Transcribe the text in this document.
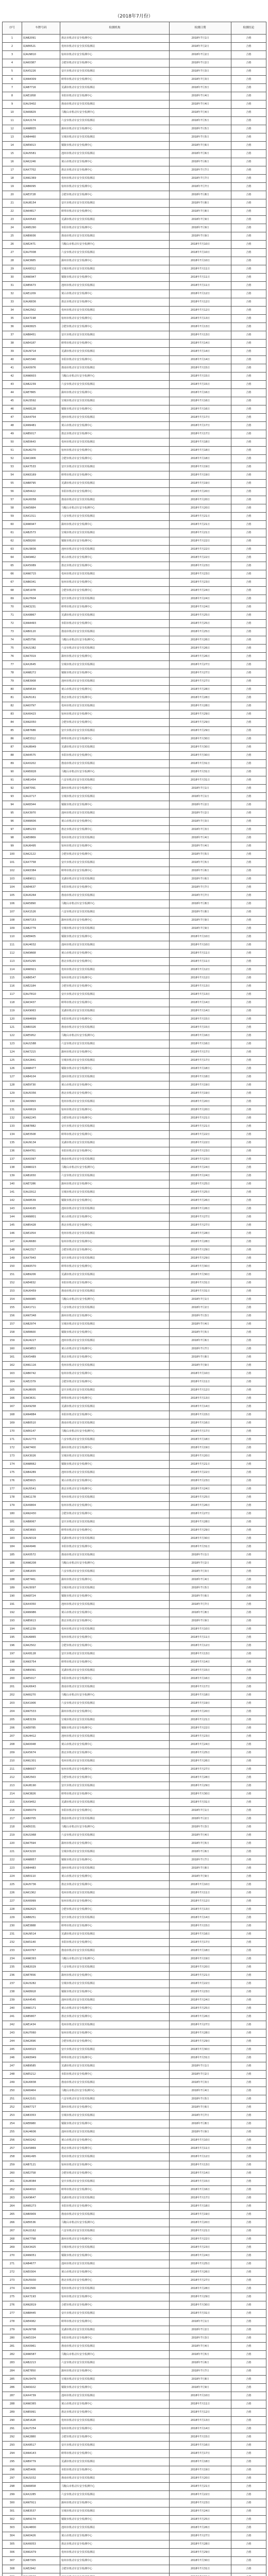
（2018年7月份）
序号	车牌号码	检测机构	检测日期	检测结论
1	皖AB2091	淮北市机动车安全检测中心	2018年7月1日	合格
2	皖AE6521	亳州市机动车安全技术检测站	2018年7月2日	合格
3	皖AU9810	宿州市机动车安全检测中心	2018年7月2日	合格
4	皖AK0387	合肥市机动车安全检测中心	2018年7月2日	合格
5	皖AX5226	安庆市机动车安全技术检测站	2018年7月3日	合格
6	皖AN4309	蚌埠市机动车安全检测中心	2018年7月3日	合格
7	皖AB7716	芜湖市机动车安全技术检测站	2018年7月3日	合格
8	皖AE1958	阜阳市机动车安全检测中心	2018年7月4日	合格
9	皖AU3402	淮南市机动车安全技术检测站	2018年7月4日	合格
10	皖AK6829	马鞍山市机动车安全检测中心	2018年7月4日	合格
11	皖AX2174	六安市机动车安全技术检测站	2018年7月5日	合格
12	皖AN8835	滁州市机动车安全检测中心	2018年7月5日	合格
13	皖AB4460	宣城市机动车安全技术检测站	2018年7月5日	合格
14	皖AE9013	铜陵市机动车安全检测中心	2018年7月6日	合格
15	皖AU5581	池州市机动车安全技术检测站	2018年7月6日	合格
16	皖AK2246	黄山市机动车安全检测中心	2018年7月6日	合格
17	皖AX7702	淮北市机动车安全检测中心	2018年7月7日	合格
18	皖AN1369	亳州市机动车安全技术检测站	2018年7月7日	合格
19	皖AB6095	宿州市机动车安全检测中心	2018年7月7日	合格
20	皖AE3728	合肥市机动车安全检测中心	2018年7月8日	合格
21	皖AU8154	安庆市机动车安全技术检测站	2018年7月8日	合格
22	皖AK4817	蚌埠市机动车安全检测中心	2018年7月8日	合格
23	皖AX0543	芜湖市机动车安全技术检测站	2018年7月9日	合格
24	皖AN5290	阜阳市机动车安全检测中心	2018年7月9日	合格
25	皖AB9936	淮南市机动车安全技术检测站	2018年7月9日	合格
26	皖AE2471	马鞍山市机动车安全检测中心	2018年7月10日	合格
27	皖AU7008	六安市机动车安全技术检测站	2018年7月10日	合格
28	皖AK3685	滁州市机动车安全检测中心	2018年7月10日	合格
29	皖AX8312	宣城市机动车安全技术检测站	2018年7月11日	合格
30	皖AN0947	铜陵市机动车安全检测中心	2018年7月11日	合格
31	皖AB5673	池州市机动车安全技术检测站	2018年7月11日	合格
32	皖AE1209	黄山市机动车安全检测中心	2018年7月12日	合格
33	皖AU6836	淮北市机动车安全检测中心	2018年7月12日	合格
34	皖AK2562	亳州市机动车安全技术检测站	2018年7月12日	合格
35	皖AX7198	宿州市机动车安全检测中心	2018年7月13日	合格
36	皖AN3825	合肥市机动车安全检测中心	2018年7月13日	合格
37	皖AB8451	安庆市机动车安全技术检测站	2018年7月13日	合格
38	皖AE4187	蚌埠市机动车安全检测中心	2018年7月14日	合格
39	皖AU9714	芜湖市机动车安全技术检测站	2018年7月14日	合格
40	皖AK5340	阜阳市机动车安全检测中心	2018年7月14日	合格
41	皖AX0976	淮南市机动车安全技术检测站	2018年7月15日	合格
42	皖AN6603	马鞍山市机动车安全检测中心	2018年7月15日	合格
43	皖AB2239	六安市机动车安全技术检测站	2018年7月15日	合格
44	皖AE7865	滁州市机动车安全检测中心	2018年7月16日	合格
45	皖AU3592	宣城市机动车安全技术检测站	2018年7月16日	合格
46	皖AK8128	铜陵市机动车安全检测中心	2018年7月16日	合格
47	皖AX4754	池州市机动车安全技术检测站	2018年7月17日	合格
48	皖AN9481	黄山市机动车安全检测中心	2018年7月17日	合格
49	皖AB5017	淮北市机动车安全检测中心	2018年7月17日	合格
50	皖AE0643	亳州市机动车安全技术检测站	2018年7月18日	合格
51	皖AU6270	宿州市机动车安全检测中心	2018年7月18日	合格
52	皖AK1906	合肥市机动车安全检测中心	2018年7月18日	合格
53	皖AX7533	安庆市机动车安全技术检测站	2018年7月19日	合格
54	皖AN3169	蚌埠市机动车安全检测中心	2018年7月19日	合格
55	皖AB8795	芜湖市机动车安全技术检测站	2018年7月19日	合格
56	皖AE4422	阜阳市机动车安全检测中心	2018年7月20日	合格
57	皖AU0058	淮南市机动车安全技术检测站	2018年7月20日	合格
58	皖AK5684	马鞍山市机动车安全检测中心	2018年7月20日	合格
59	皖AX1311	六安市机动车安全技术检测站	2018年7月21日	合格
60	皖AN6947	滁州市机动车安全检测中心	2018年7月21日	合格
61	皖AB2573	宣城市机动车安全技术检测站	2018年7月21日	合格
62	皖AE8200	铜陵市机动车安全检测中心	2018年7月22日	合格
63	皖AU3836	池州市机动车安全技术检测站	2018年7月22日	合格
64	皖AK9462	黄山市机动车安全检测中心	2018年7月22日	合格
65	皖AX5089	淮北市机动车安全检测中心	2018年7月23日	合格
66	皖AN0715	亳州市机动车安全技术检测站	2018年7月23日	合格
67	皖AB6341	宿州市机动车安全检测中心	2018年7月23日	合格
68	皖AE1978	合肥市机动车安全检测中心	2018年7月24日	合格
69	皖AU7604	安庆市机动车安全技术检测站	2018年7月24日	合格
70	皖AK3231	蚌埠市机动车安全检测中心	2018年7月24日	合格
71	皖AX8867	芜湖市机动车安全技术检测站	2018年7月25日	合格
72	皖AN4493	阜阳市机动车安全检测中心	2018年7月25日	合格
73	皖AB0120	淮南市机动车安全技术检测站	2018年7月25日	合格
74	皖AE5756	马鞍山市机动车安全检测中心	2018年7月26日	合格
75	皖AU1382	六安市机动车安全技术检测站	2018年7月26日	合格
76	皖AK7019	滁州市机动车安全检测中心	2018年7月26日	合格
77	皖AX2645	宣城市机动车安全技术检测站	2018年7月27日	合格
78	皖AN8272	铜陵市机动车安全检测中心	2018年7月27日	合格
79	皖AB3908	池州市机动车安全技术检测站	2018年7月27日	合格
80	皖AE9534	黄山市机动车安全检测中心	2018年7月28日	合格
81	皖AU5161	淮北市机动车安全检测中心	2018年7月28日	合格
82	皖AK0797	亳州市机动车安全技术检测站	2018年7月28日	合格
83	皖AX6423	宿州市机动车安全检测中心	2018年7月29日	合格
84	皖AN2050	合肥市机动车安全检测中心	2018年7月29日	合格
85	皖AB7686	安庆市机动车安全技术检测站	2018年7月29日	合格
86	皖AE3312	蚌埠市机动车安全检测中心	2018年7月30日	合格
87	皖AU8949	芜湖市机动车安全技术检测站	2018年7月30日	合格
88	皖AK4575	阜阳市机动车安全检测中心	2018年7月30日	合格
89	皖AX0202	淮南市机动车安全技术检测站	2018年7月31日	合格
90	皖AN5828	马鞍山市机动车安全检测中心	2018年7月31日	合格
91	皖AB1454	六安市机动车安全技术检测站	2018年7月31日	合格
92	皖AE7091	滁州市机动车安全检测中心	2018年7月1日	合格
93	皖AU2717	宣城市机动车安全技术检测站	2018年7月1日	合格
94	皖AK8344	铜陵市机动车安全检测中心	2018年7月2日	合格
95	皖AX3970	池州市机动车安全技术检测站	2018年7月2日	合格
96	皖AN9606	黄山市机动车安全检测中心	2018年7月3日	合格
97	皖AB5233	淮北市机动车安全检测中心	2018年7月3日	合格
98	皖AE0869	亳州市机动车安全技术检测站	2018年7月4日	合格
99	皖AU6495	宿州市机动车安全检测中心	2018年7月4日	合格
100	皖AK2122	合肥市机动车安全检测中心	2018年7月5日	合格
101	皖AX7758	安庆市机动车安全技术检测站	2018年7月5日	合格
102	皖AN3384	蚌埠市机动车安全检测中心	2018年7月6日	合格
103	皖AB9011	芜湖市机动车安全技术检测站	2018年7月6日	合格
104	皖AE4637	阜阳市机动车安全检测中心	2018年7月7日	合格
105	皖AU0264	淮南市机动车安全技术检测站	2018年7月7日	合格
106	皖AK5890	马鞍山市机动车安全检测中心	2018年7月8日	合格
107	皖AX1526	六安市机动车安全技术检测站	2018年7月8日	合格
108	皖AN7153	滁州市机动车安全检测中心	2018年7月9日	合格
109	皖AB2779	宣城市机动车安全技术检测站	2018年7月9日	合格
110	皖AE8405	铜陵市机动车安全检测中心	2018年7月10日	合格
111	皖AU4032	池州市机动车安全技术检测站	2018年7月10日	合格
112	皖AK9668	黄山市机动车安全检测中心	2018年7月11日	合格
113	皖AX5295	淮北市机动车安全检测中心	2018年7月11日	合格
114	皖AN0921	亳州市机动车安全技术检测站	2018年7月12日	合格
115	皖AB6547	宿州市机动车安全检测中心	2018年7月12日	合格
116	皖AE2184	合肥市机动车安全检测中心	2018年7月13日	合格
117	皖AU7810	安庆市机动车安全技术检测站	2018年7月13日	合格
118	皖AK3437	蚌埠市机动车安全检测中心	2018年7月14日	合格
119	皖AX9063	芜湖市机动车安全技术检测站	2018年7月14日	合格
120	皖AN4699	阜阳市机动车安全检测中心	2018年7月15日	合格
121	皖AB0326	淮南市机动车安全技术检测站	2018年7月15日	合格
122	皖AE5952	马鞍山市机动车安全检测中心	2018年7月16日	合格
123	皖AU1588	六安市机动车安全技术检测站	2018年7月16日	合格
124	皖AK7215	滁州市机动车安全检测中心	2018年7月17日	合格
125	皖AX2841	宣城市机动车安全技术检测站	2018年7月17日	合格
126	皖AN8477	铜陵市机动车安全检测中心	2018年7月18日	合格
127	皖AB4104	池州市机动车安全技术检测站	2018年7月18日	合格
128	皖AE9730	黄山市机动车安全检测中心	2018年7月19日	合格
129	皖AU5356	淮北市机动车安全检测中心	2018年7月19日	合格
130	皖AK0993	亳州市机动车安全技术检测站	2018年7月20日	合格
131	皖AX6619	宿州市机动车安全检测中心	2018年7月20日	合格
132	皖AN2245	合肥市机动车安全检测中心	2018年7月21日	合格
133	皖AB7882	安庆市机动车安全技术检测站	2018年7月21日	合格
134	皖AE3508	蚌埠市机动车安全检测中心	2018年7月22日	合格
135	皖AU9134	芜湖市机动车安全技术检测站	2018年7月22日	合格
136	皖AK4761	阜阳市机动车安全检测中心	2018年7月23日	合格
137	皖AX0397	淮南市机动车安全技术检测站	2018年7月23日	合格
138	皖AN6023	马鞍山市机动车安全检测中心	2018年7月24日	合格
139	皖AB1650	六安市机动车安全技术检测站	2018年7月24日	合格
140	皖AE7286	滁州市机动车安全检测中心	2018年7月25日	合格
141	皖AU2912	宣城市机动车安全技术检测站	2018年7月25日	合格
142	皖AK8539	铜陵市机动车安全检测中心	2018年7月26日	合格
143	皖AX4165	池州市机动车安全技术检测站	2018年7月26日	合格
144	皖AN9801	黄山市机动车安全检测中心	2018年7月27日	合格
145	皖AB5428	淮北市机动车安全检测中心	2018年7月27日	合格
146	皖AE1054	亳州市机动车安全技术检测站	2018年7月28日	合格
147	皖AU6680	宿州市机动车安全检测中心	2018年7月28日	合格
148	皖AK2317	合肥市机动车安全检测中心	2018年7月29日	合格
149	皖AX7943	安庆市机动车安全技术检测站	2018年7月29日	合格
150	皖AN3570	蚌埠市机动车安全检测中心	2018年7月30日	合格
151	皖AB9206	芜湖市机动车安全技术检测站	2018年7月30日	合格
152	皖AE4832	阜阳市机动车安全检测中心	2018年7月31日	合格
153	皖AU0459	淮南市机动车安全技术检测站	2018年7月31日	合格
154	皖AK6085	马鞍山市机动车安全检测中心	2018年7月1日	合格
155	皖AX1711	六安市机动车安全技术检测站	2018年7月2日	合格
156	皖AN7348	滁州市机动车安全检测中心	2018年7月3日	合格
157	皖AB2974	宣城市机动车安全技术检测站	2018年7月4日	合格
158	皖AE8600	铜陵市机动车安全检测中心	2018年7月5日	合格
159	皖AU4227	池州市机动车安全技术检测站	2018年7月6日	合格
160	皖AK9853	黄山市机动车安全检测中心	2018年7月7日	合格
161	皖AX5489	淮北市机动车安全检测中心	2018年7月8日	合格
162	皖AN1116	亳州市机动车安全技术检测站	2018年7月9日	合格
163	皖AB6742	宿州市机动车安全检测中心	2018年7月10日	合格
164	皖AE2379	合肥市机动车安全检测中心	2018年7月11日	合格
165	皖AU8005	安庆市机动车安全技术检测站	2018年7月12日	合格
166	皖AK3631	蚌埠市机动车安全检测中心	2018年7月13日	合格
167	皖AX9258	芜湖市机动车安全技术检测站	2018年7月14日	合格
168	皖AN4884	阜阳市机动车安全检测中心	2018年7月15日	合格
169	皖AB0510	淮南市机动车安全技术检测站	2018年7月16日	合格
170	皖AE6147	马鞍山市机动车安全检测中心	2018年7月17日	合格
171	皖AU1773	六安市机动车安全技术检测站	2018年7月18日	合格
172	皖AK7400	滁州市机动车安全检测中心	2018年7月19日	合格
173	皖AX3026	宣城市机动车安全技术检测站	2018年7月20日	合格
174	皖AN8662	铜陵市机动车安全检测中心	2018年7月21日	合格
175	皖AB4289	池州市机动车安全技术检测站	2018年7月22日	合格
176	皖AE9915	黄山市机动车安全检测中心	2018年7月23日	合格
177	皖AU5541	淮北市机动车安全检测中心	2018年7月24日	合格
178	皖AK1178	亳州市机动车安全技术检测站	2018年7月25日	合格
179	皖AX6804	宿州市机动车安全检测中心	2018年7月26日	合格
180	皖AN2430	合肥市机动车安全检测中心	2018年7月27日	合格
181	皖AB8067	安庆市机动车安全技术检测站	2018年7月28日	合格
182	皖AE3693	蚌埠市机动车安全检测中心	2018年7月29日	合格
183	皖AU9319	芜湖市机动车安全技术检测站	2018年7月30日	合格
184	皖AK4946	阜阳市机动车安全检测中心	2018年7月31日	合格
185	皖AX0572	淮南市机动车安全技术检测站	2018年7月1日	合格
186	皖AN6208	马鞍山市机动车安全检测中心	2018年7月2日	合格
187	皖AB1835	六安市机动车安全技术检测站	2018年7月3日	合格
188	皖AE7461	滁州市机动车安全检测中心	2018年7月4日	合格
189	皖AU3097	宣城市机动车安全技术检测站	2018年7月5日	合格
190	皖AK8724	铜陵市机动车安全检测中心	2018年7月6日	合格
191	皖AX4350	池州市机动车安全技术检测站	2018年7月7日	合格
192	皖AN9986	黄山市机动车安全检测中心	2018年7月8日	合格
193	皖AB5613	淮北市机动车安全检测中心	2018年7月9日	合格
194	皖AE1239	亳州市机动车安全技术检测站	2018年7月10日	合格
195	皖AU6865	宿州市机动车安全检测中心	2018年7月11日	合格
196	皖AK2502	合肥市机动车安全检测中心	2018年7月12日	合格
197	皖AX8128	安庆市机动车安全技术检测站	2018年7月13日	合格
198	皖AN3754	蚌埠市机动车安全检测中心	2018年7月14日	合格
199	皖AB9391	芜湖市机动车安全技术检测站	2018年7月15日	合格
200	皖AE5017	阜阳市机动车安全检测中心	2018年7月16日	合格
201	皖AU0643	淮南市机动车安全技术检测站	2018年7月17日	合格
202	皖AK6270	马鞍山市机动车安全检测中心	2018年7月18日	合格
203	皖AX1906	六安市机动车安全技术检测站	2018年7月19日	合格
204	皖AN7533	滁州市机动车安全检测中心	2018年7月20日	合格
205	皖AB3159	宣城市机动车安全技术检测站	2018年7月21日	合格
206	皖AE8785	铜陵市机动车安全检测中心	2018年7月22日	合格
207	皖AU4412	池州市机动车安全技术检测站	2018年7月23日	合格
208	皖AK0048	黄山市机动车安全检测中心	2018年7月24日	合格
209	皖AX5674	淮北市机动车安全检测中心	2018年7月25日	合格
210	皖AN1301	亳州市机动车安全技术检测站	2018年7月26日	合格
211	皖AB6937	宿州市机动车安全检测中心	2018年7月27日	合格
212	皖AE2563	合肥市机动车安全检测中心	2018年7月28日	合格
213	皖AU8190	安庆市机动车安全技术检测站	2018年7月29日	合格
214	皖AK3826	蚌埠市机动车安全检测中心	2018年7月30日	合格
215	皖AX9452	芜湖市机动车安全技术检测站	2018年7月31日	合格
216	皖AN5079	阜阳市机动车安全检测中心	2018年7月1日	合格
217	皖AB0705	淮南市机动车安全技术检测站	2018年7月2日	合格
218	皖AE6331	马鞍山市机动车安全检测中心	2018年7月3日	合格
219	皖AU1968	六安市机动车安全技术检测站	2018年7月4日	合格
220	皖AK7594	滁州市机动车安全检测中心	2018年7月5日	合格
221	皖AX3220	宣城市机动车安全技术检测站	2018年7月6日	合格
222	皖AN8857	铜陵市机动车安全检测中心	2018年7月7日	合格
223	皖AB4483	池州市机动车安全技术检测站	2018年7月8日	合格
224	皖AE0110	黄山市机动车安全检测中心	2018年7月9日	合格
225	皖AU5736	淮北市机动车安全检测中心	2018年7月10日	合格
226	皖AK1362	亳州市机动车安全技术检测站	2018年7月11日	合格
227	皖AX6999	宿州市机动车安全检测中心	2018年7月12日	合格
228	皖AN2625	合肥市机动车安全检测中心	2018年7月13日	合格
229	皖AB8251	安庆市机动车安全技术检测站	2018年7月14日	合格
230	皖AE3888	蚌埠市机动车安全检测中心	2018年7月15日	合格
231	皖AU9514	芜湖市机动车安全技术检测站	2018年7月16日	合格
232	皖AK5140	阜阳市机动车安全检测中心	2018年7月17日	合格
233	皖AX0767	淮南市机动车安全技术检测站	2018年7月18日	合格
234	皖AN6393	马鞍山市机动车安全检测中心	2018年7月19日	合格
235	皖AB2029	六安市机动车安全技术检测站	2018年7月20日	合格
236	皖AE7656	滁州市机动车安全检测中心	2018年7月21日	合格
237	皖AU3282	宣城市机动车安全技术检测站	2018年7月22日	合格
238	皖AK8918	铜陵市机动车安全检测中心	2018年7月23日	合格
239	皖AX4545	池州市机动车安全技术检测站	2018年7月24日	合格
240	皖AN0171	黄山市机动车安全检测中心	2018年7月25日	合格
241	皖AB5807	淮北市机动车安全检测中心	2018年7月26日	合格
242	皖AE1434	亳州市机动车安全技术检测站	2018年7月27日	合格
243	皖AU7060	宿州市机动车安全检测中心	2018年7月28日	合格
244	皖AK2696	合肥市机动车安全检测中心	2018年7月29日	合格
245	皖AX8323	安庆市机动车安全技术检测站	2018年7月30日	合格
246	皖AN3949	蚌埠市机动车安全检测中心	2018年7月31日	合格
247	皖AB9585	芜湖市机动车安全技术检测站	2018年7月1日	合格
248	皖AE5212	阜阳市机动车安全检测中心	2018年7月2日	合格
249	皖AU0838	淮南市机动车安全技术检测站	2018年7月3日	合格
250	皖AK6464	马鞍山市机动车安全检测中心	2018年7月4日	合格
251	皖AX2101	六安市机动车安全技术检测站	2018年7月5日	合格
252	皖AN7727	滁州市机动车安全检测中心	2018年7月6日	合格
253	皖AB3353	宣城市机动车安全技术检测站	2018年7月7日	合格
254	皖AE8980	铜陵市机动车安全检测中心	2018年7月8日	合格
255	皖AU4606	池州市机动车安全技术检测站	2018年7月9日	合格
256	皖AK0242	黄山市机动车安全检测中心	2018年7月10日	合格
257	皖AX5869	淮北市机动车安全检测中心	2018年7月11日	合格
258	皖AN1495	亳州市机动车安全技术检测站	2018年7月12日	合格
259	皖AB7121	宿州市机动车安全检测中心	2018年7月13日	合格
260	皖AE2758	合肥市机动车安全检测中心	2018年7月14日	合格
261	皖AU8384	安庆市机动车安全技术检测站	2018年7月15日	合格
262	皖AK4010	蚌埠市机动车安全检测中心	2018年7月16日	合格
263	皖AX9647	芜湖市机动车安全技术检测站	2018年7月17日	合格
264	皖AN5273	阜阳市机动车安全检测中心	2018年7月18日	合格
265	皖AB0909	淮南市机动车安全技术检测站	2018年7月19日	合格
266	皖AE6536	马鞍山市机动车安全检测中心	2018年7月20日	合格
267	皖AU2162	六安市机动车安全技术检测站	2018年7月21日	合格
268	皖AK7798	滁州市机动车安全检测中心	2018年7月22日	合格
269	皖AX3425	宣城市机动车安全技术检测站	2018年7月23日	合格
270	皖AN9051	铜陵市机动车安全检测中心	2018年7月24日	合格
271	皖AB4677	池州市机动车安全技术检测站	2018年7月25日	合格
272	皖AE0304	黄山市机动车安全检测中心	2018年7月26日	合格
273	皖AU5930	淮北市机动车安全检测中心	2018年7月27日	合格
274	皖AK1566	亳州市机动车安全技术检测站	2018年7月28日	合格
275	皖AX7193	宿州市机动车安全检测中心	2018年7月29日	合格
276	皖AN2819	合肥市机动车安全检测中心	2018年7月30日	合格
277	皖AB8445	安庆市机动车安全技术检测站	2018年7月31日	合格
278	皖AE4082	蚌埠市机动车安全检测中心	2018年7月1日	合格
279	皖AU9708	芜湖市机动车安全技术检测站	2018年7月2日	合格
280	皖AK5334	阜阳市机动车安全检测中心	2018年7月3日	合格
281	皖AX0961	淮南市机动车安全技术检测站	2018年7月4日	合格
282	皖AN6587	马鞍山市机动车安全检测中心	2018年7月5日	合格
283	皖AB2213	六安市机动车安全技术检测站	2018年7月6日	合格
284	皖AE7850	滁州市机动车安全检测中心	2018年7月7日	合格
285	皖AU3476	宣城市机动车安全技术检测站	2018年7月8日	合格
286	皖AK9102	铜陵市机动车安全检测中心	2018年7月9日	合格
287	皖AX4739	池州市机动车安全技术检测站	2018年7月10日	合格
288	皖AN0365	黄山市机动车安全检测中心	2018年7月11日	合格
289	皖AB5991	淮北市机动车安全检测中心	2018年7月12日	合格
290	皖AE1628	亳州市机动车安全技术检测站	2018年7月13日	合格
291	皖AU7254	宿州市机动车安全检测中心	2018年7月14日	合格
292	皖AK2880	合肥市机动车安全检测中心	2018年7月15日	合格
293	皖AX8517	安庆市机动车安全技术检测站	2018年7月16日	合格
294	皖AN4143	蚌埠市机动车安全检测中心	2018年7月17日	合格
295	皖AB9779	芜湖市机动车安全技术检测站	2018年7月18日	合格
296	皖AE5406	阜阳市机动车安全检测中心	2018年7月19日	合格
297	皖AU1032	淮南市机动车安全技术检测站	2018年7月20日	合格
298	皖AK6658	马鞍山市机动车安全检测中心	2018年7月21日	合格
299	皖AX2285	六安市机动车安全技术检测站	2018年7月22日	合格
300	皖AN7911	滁州市机动车安全检测中心	2018年7月23日	合格
301	皖AB3537	宣城市机动车安全技术检测站	2018年7月24日	合格
302	皖AE9174	铜陵市机动车安全检测中心	2018年7月25日	合格
303	皖AU4800	池州市机动车安全技术检测站	2018年7月26日	合格
304	皖AK0426	黄山市机动车安全检测中心	2018年7月27日	合格
305	皖AX6053	淮北市机动车安全检测中心	2018年7月28日	合格
306	皖AN1679	亳州市机动车安全技术检测站	2018年7月29日	合格
307	皖AB7305	宿州市机动车安全检测中心	2018年7月30日	合格
308	皖AE2942	合肥市机动车安全检测中心	2018年7月31日	合格
